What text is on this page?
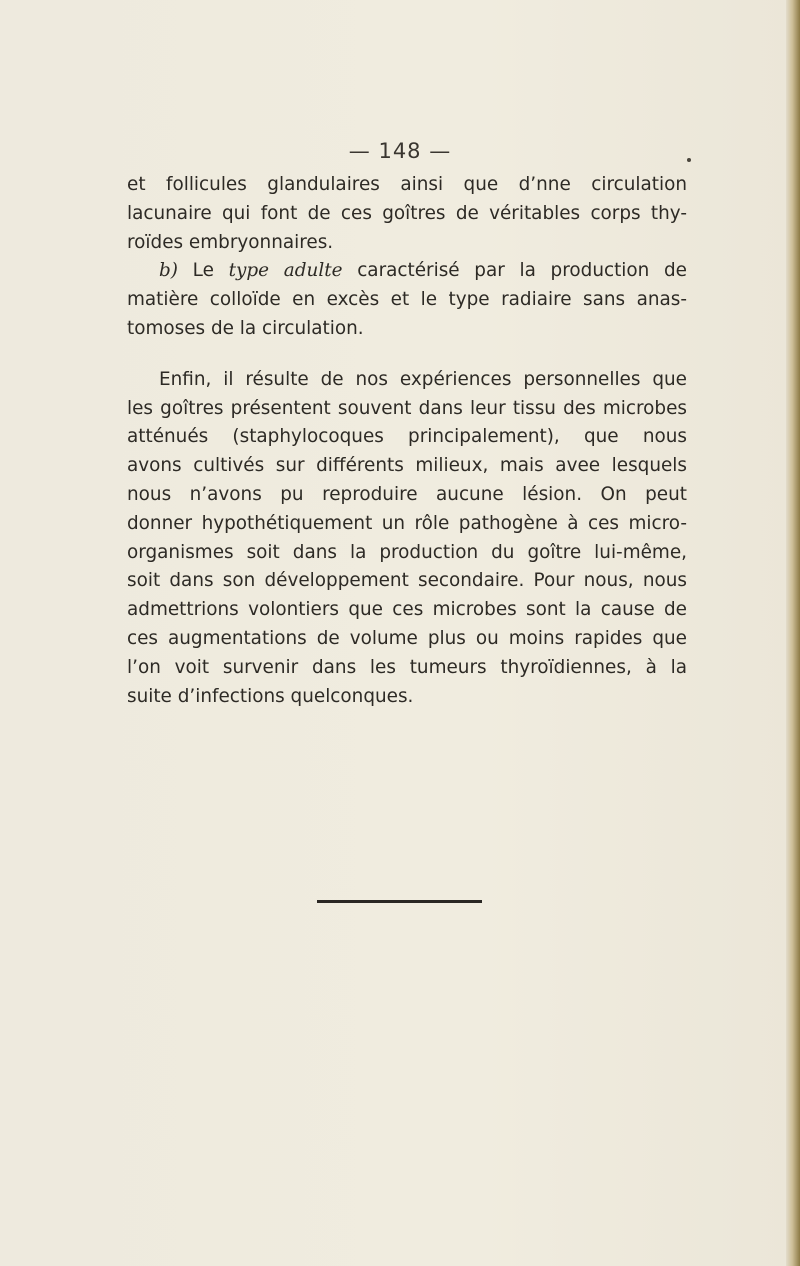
— 148 —
et follicules glandulaires ainsi que d’nne circulation
lacunaire qui font de ces goîtres de véritables corps thy-
roïdes embryonnaires.
b) Le type adulte caractérisé par la production de
matière colloïde en excès et le type radiaire sans anas-
tomoses de la circulation.
Enfin, il résulte de nos expériences personnelles que
les goîtres présentent souvent dans leur tissu des microbes
atténués (staphylocoques principalement), que nous
avons cultivés sur différents milieux, mais avee lesquels
nous n’avons pu reproduire aucune lésion. On peut
donner hypothétiquement un rôle pathogène à ces micro-
organismes soit dans la production du goître lui-même,
soit dans son développement secondaire. Pour nous, nous
admettrions volontiers que ces microbes sont la cause de
ces augmentations de volume plus ou moins rapides que
l’on voit survenir dans les tumeurs thyroïdiennes, à la
suite d’infections quelconques.
